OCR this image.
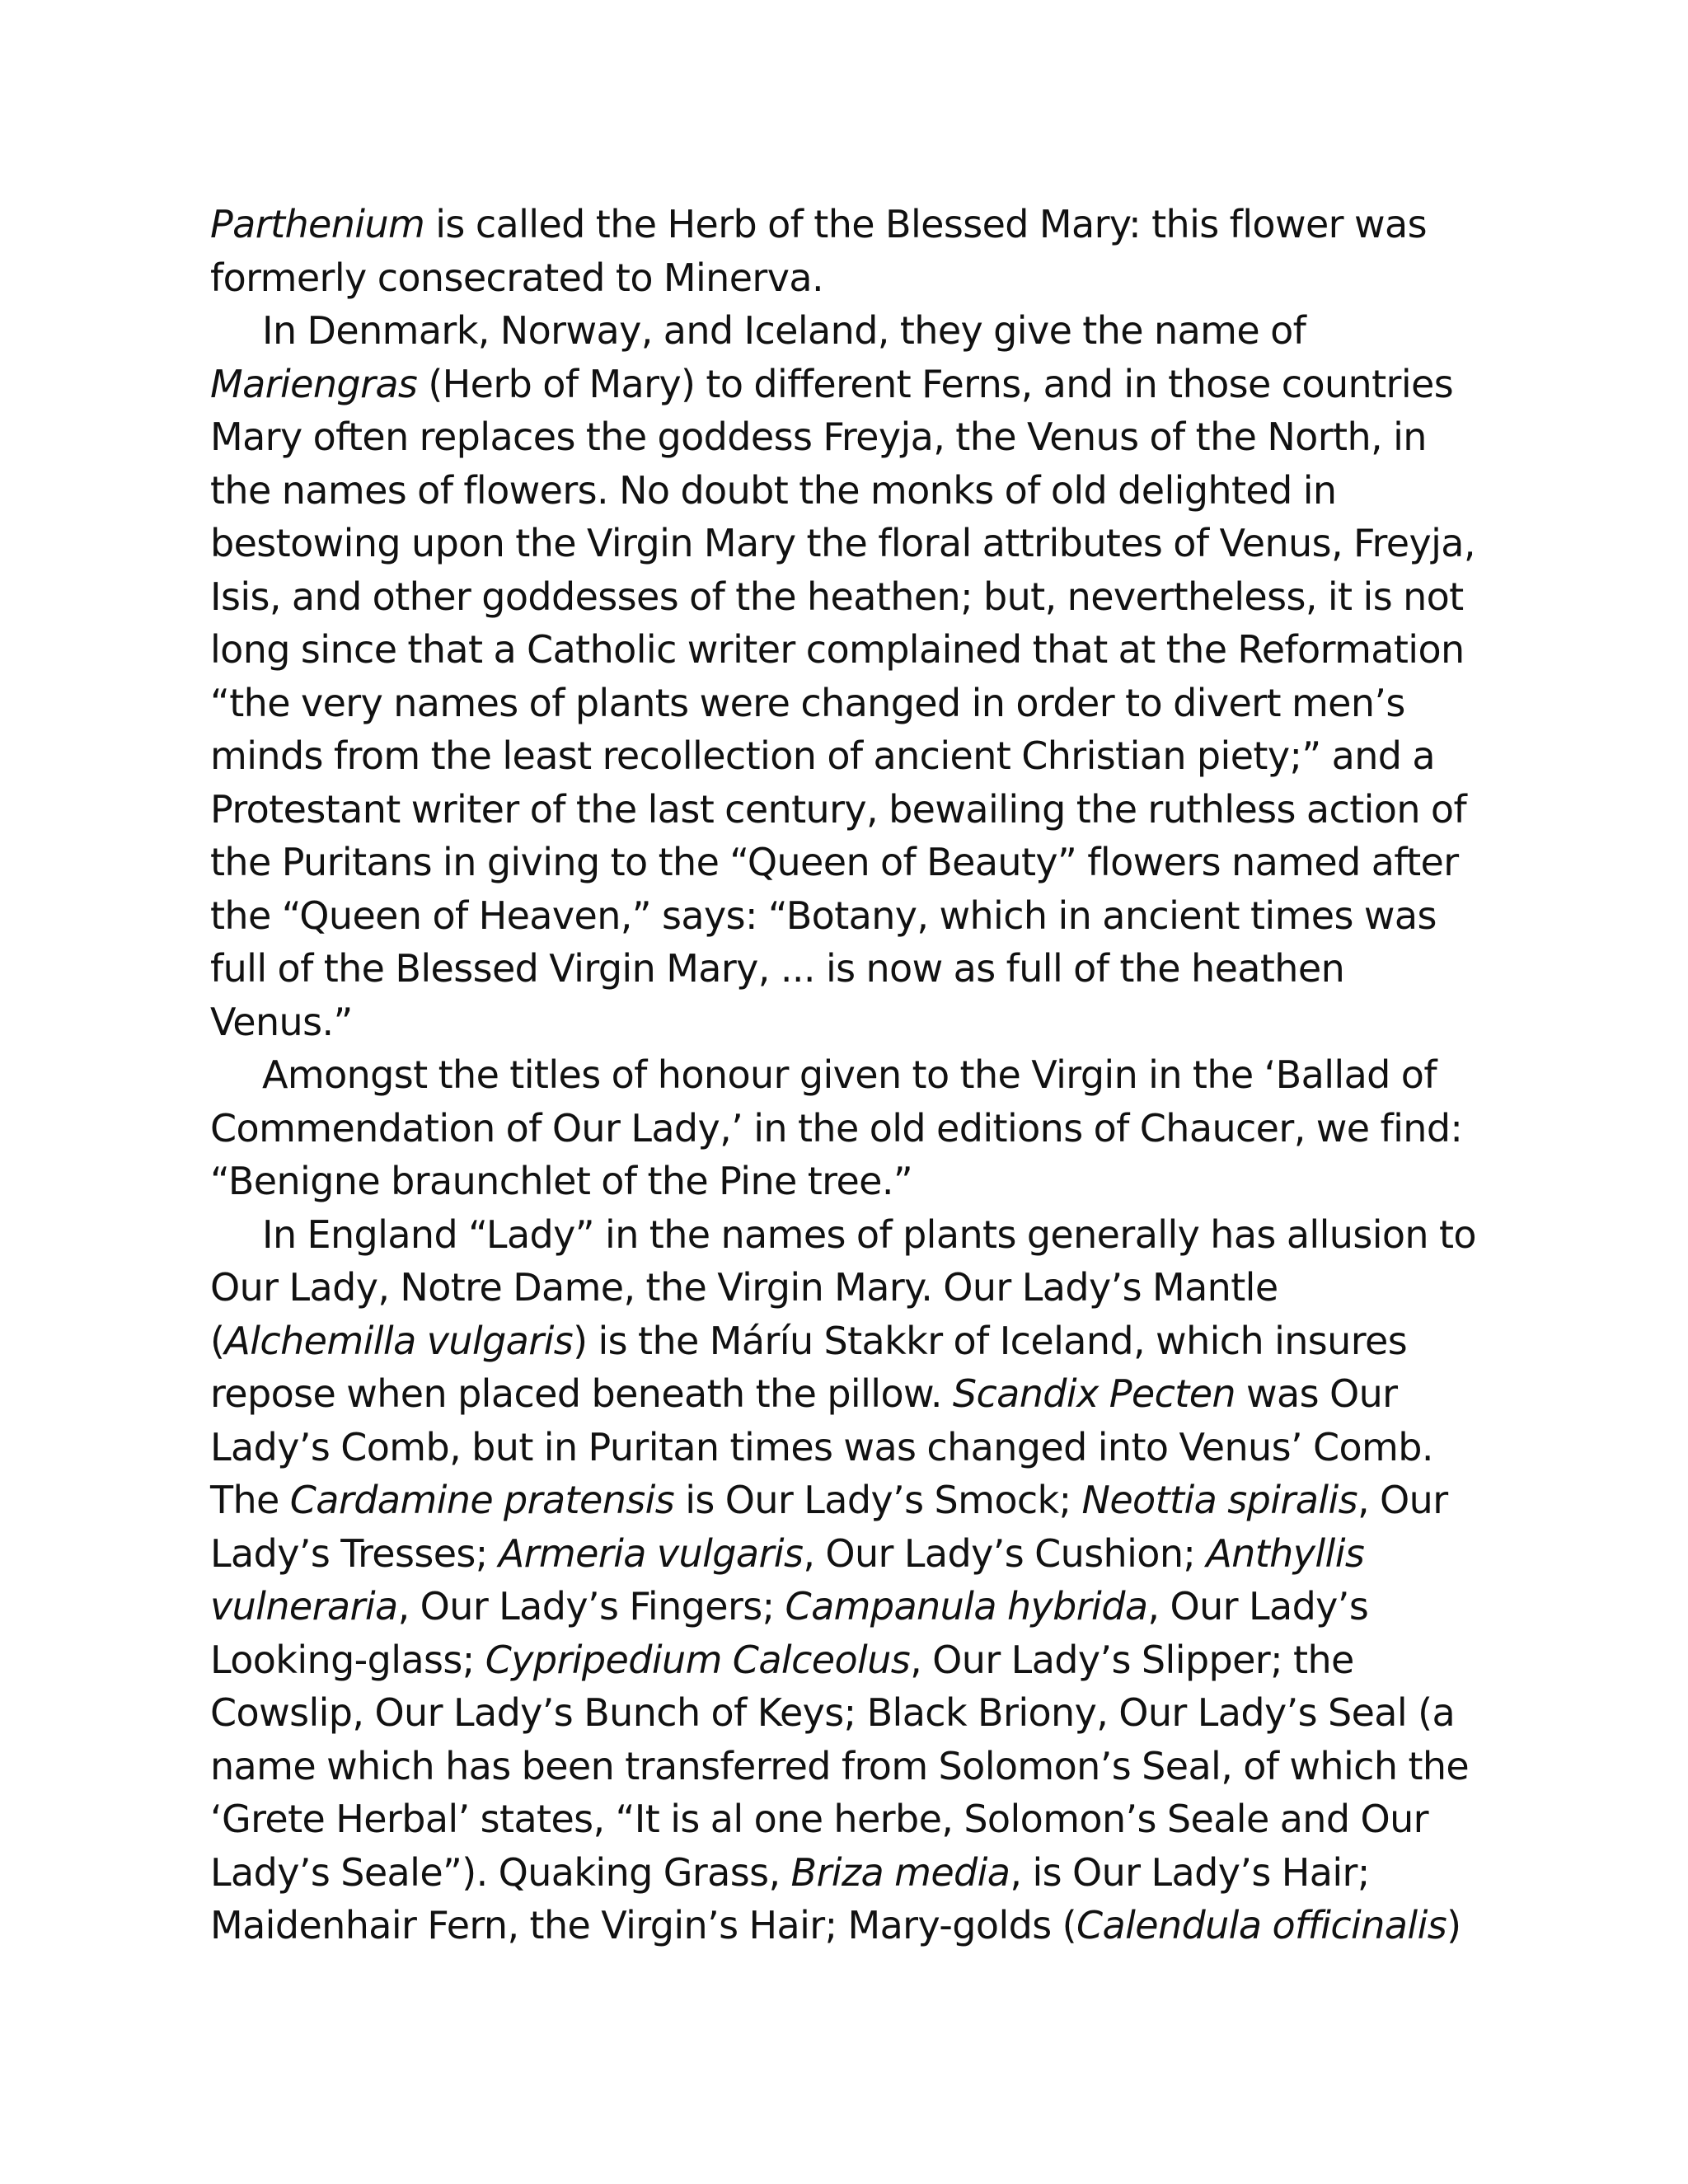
Parthenium is called the Herb of the Blessed Mary: this flower was formerly consecrated to Minerva.

In Denmark, Norway, and Iceland, they give the name of Mariengras (Herb of Mary) to different Ferns, and in those countries Mary often replaces the goddess Freyja, the Venus of the North, in the names of flowers. No doubt the monks of old delighted in bestowing upon the Virgin Mary the floral attributes of Venus, Freyja, Isis, and other goddesses of the heathen; but, nevertheless, it is not long since that a Catholic writer complained that at the Reformation “the very names of plants were changed in order to divert men’s minds from the least recollection of ancient Christian piety;” and a Protestant writer of the last century, bewailing the ruthless action of the Puritans in giving to the “Queen of Beauty” flowers named after the “Queen of Heaven,” says: “Botany, which in ancient times was full of the Blessed Virgin Mary, ... is now as full of the heathen Venus.”

Amongst the titles of honour given to the Virgin in the ‘Ballad of Commendation of Our Lady,’ in the old editions of Chaucer, we find: “Benigne braunchlet of the Pine tree.”

In England “Lady” in the names of plants generally has allusion to Our Lady, Notre Dame, the Virgin Mary. Our Lady’s Mantle (Alchemilla vulgaris) is the Máríu Stakkr of Iceland, which insures repose when placed beneath the pillow. Scandix Pecten was Our Lady’s Comb, but in Puritan times was changed into Venus’ Comb. The Cardamine pratensis is Our Lady’s Smock; Neottia spiralis, Our Lady’s Tresses; Armeria vulgaris, Our Lady’s Cushion; Anthyllis vulneraria, Our Lady’s Fingers; Campanula hybrida, Our Lady’s Looking-glass; Cypripedium Calceolus, Our Lady’s Slipper; the Cowslip, Our Lady’s Bunch of Keys; Black Briony, Our Lady’s Seal (a name which has been transferred from Solomon’s Seal, of which the ‘Grete Herbal’ states, “It is al one herbe, Solomon’s Seale and Our Lady’s Seale”). Quaking Grass, Briza media, is Our Lady’s Hair; Maidenhair Fern, the Virgin’s Hair; Mary-golds (Calendula officinalis)
